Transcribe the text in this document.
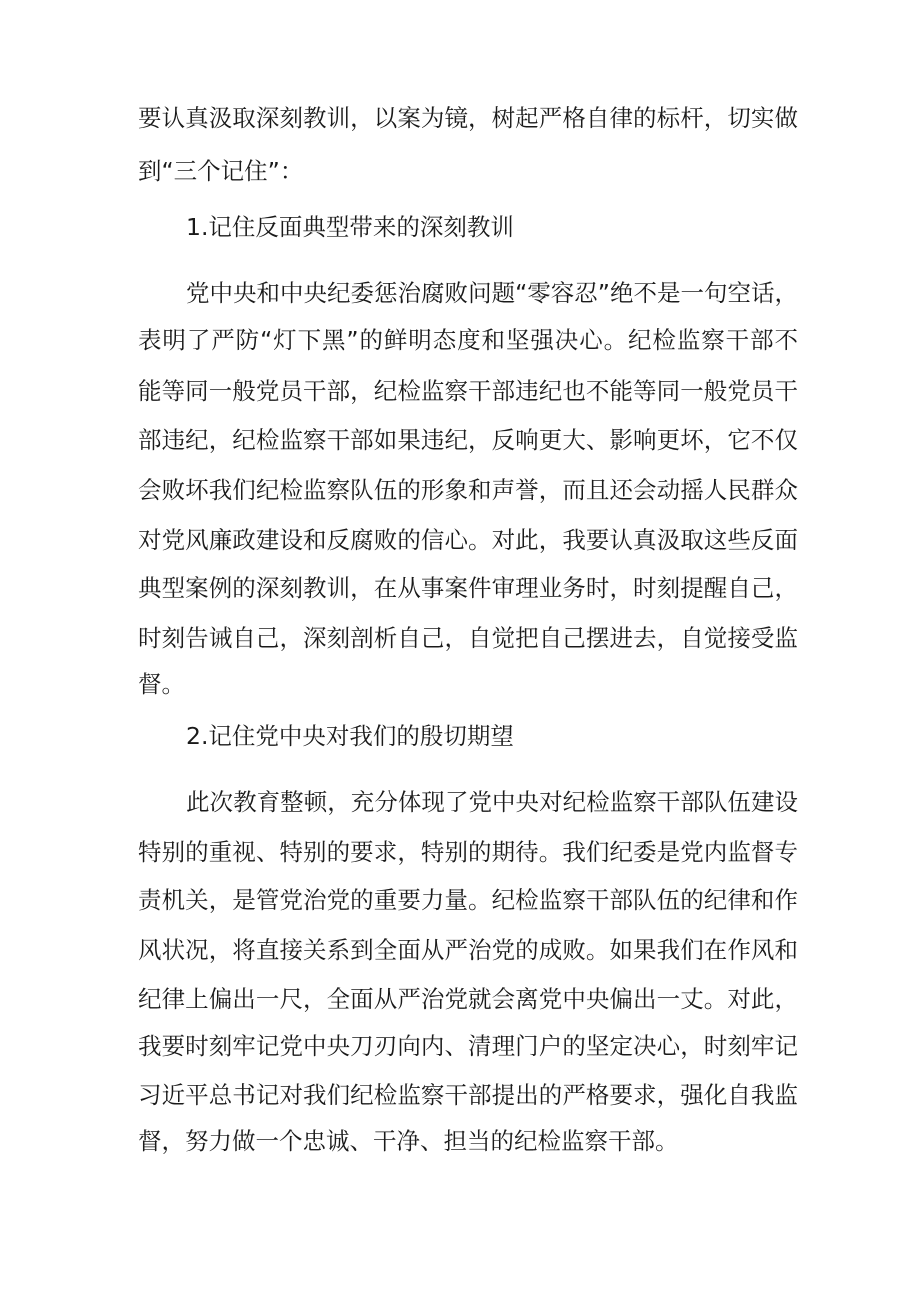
要认真汲取深刻教训，以案为镜，树起严格自律的标杆，切实做
到“三个记住”：
1.记住反面典型带来的深刻教训
党中央和中央纪委惩治腐败问题“零容忍”绝不是一句空话，
表明了严防“灯下黑”的鲜明态度和坚强决心。纪检监察干部不
能等同一般党员干部，纪检监察干部违纪也不能等同一般党员干
部违纪，纪检监察干部如果违纪，反响更大、影响更坏，它不仅
会败坏我们纪检监察队伍的形象和声誉，而且还会动摇人民群众
对党风廉政建设和反腐败的信心。对此，我要认真汲取这些反面
典型案例的深刻教训，在从事案件审理业务时，时刻提醒自己，
时刻告诫自己，深刻剖析自己，自觉把自己摆进去，自觉接受监
督。
2.记住党中央对我们的殷切期望
此次教育整顿，充分体现了党中央对纪检监察干部队伍建设
特别的重视、特别的要求，特别的期待。我们纪委是党内监督专
责机关，是管党治党的重要力量。纪检监察干部队伍的纪律和作
风状况，将直接关系到全面从严治党的成败。如果我们在作风和
纪律上偏出一尺，全面从严治党就会离党中央偏出一丈。对此，
我要时刻牢记党中央刀刃向内、清理门户的坚定决心，时刻牢记
习近平总书记对我们纪检监察干部提出的严格要求，强化自我监
督，努力做一个忠诚、干净、担当的纪检监察干部。
